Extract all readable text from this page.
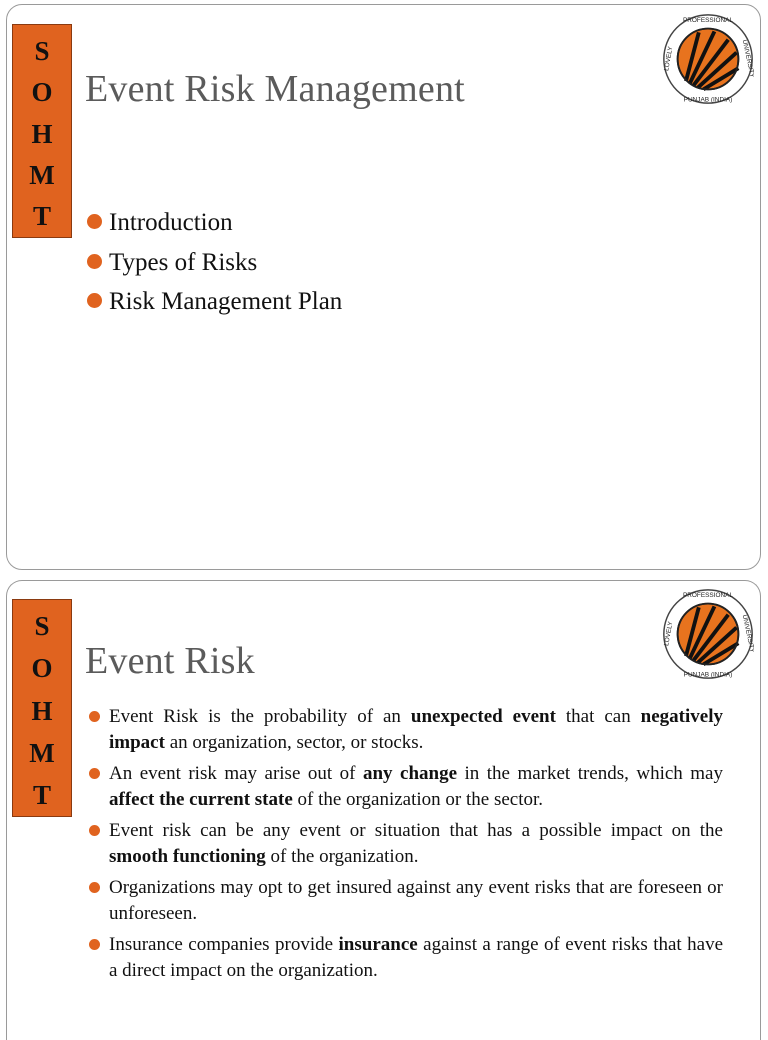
S
O
H
M
T
Event Risk Management
Introduction
Types of Risks
Risk Management Plan
S
O
H
M
T
Event Risk
Event Risk is the probability of an unexpected event that can negatively impact an organization, sector, or stocks.
An event risk may arise out of any change in the market trends, which may affect the current state of the organization or the sector.
Event risk can be any event or situation that has a possible impact on the smooth functioning of the organization.
Organizations may opt to get insured against any event risks that are foreseen or unforeseen.
Insurance companies provide insurance against a range of event risks that have a direct impact on the organization.
